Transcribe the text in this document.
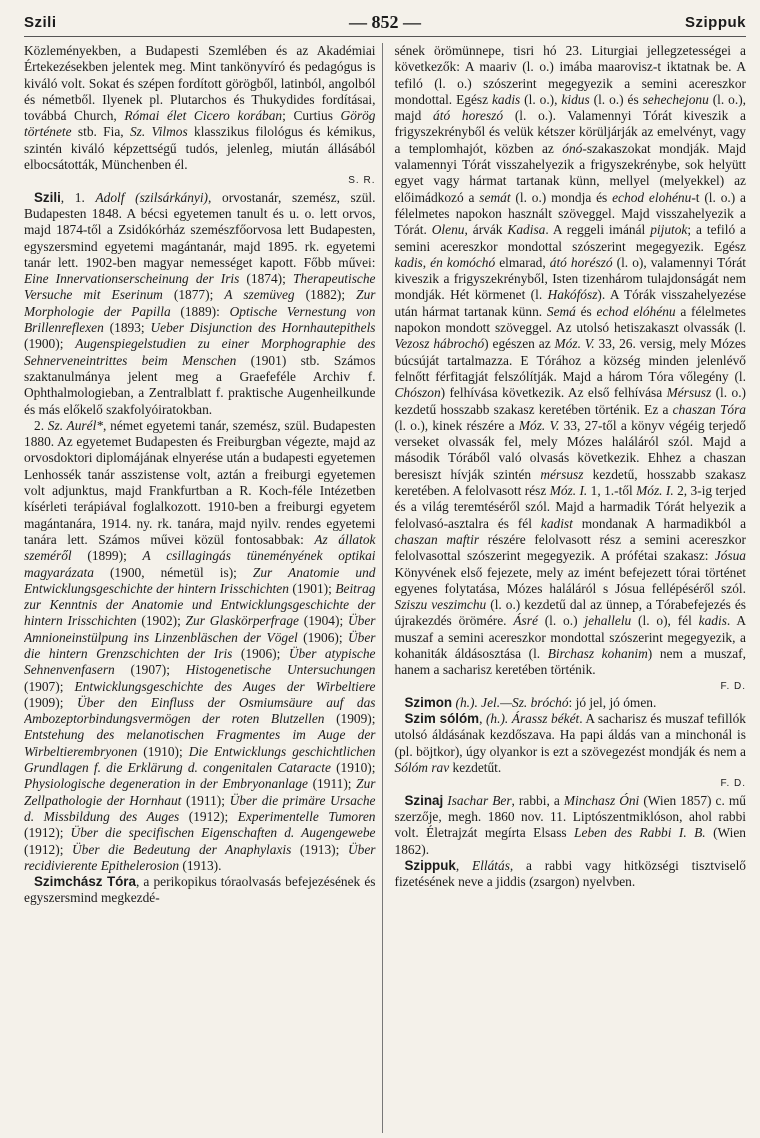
Szili	— 852 —	Szippuk

Közleményekben, a Budapesti Szemlében és az Akadémiai Értekezésekben jelentek meg. Mint tankönyvíró és pedagógus is kiváló volt. Sokat és szépen fordított görögből, latinból, angolból és németből. Ilyenek pl. Plutarchos és Thukydides fordításai, továbbá Church, Római élet Cicero korában; Curtius Görög története stb. Fia, Sz. Vilmos klasszikus filológus és kémikus, szintén kiváló képzettségű tudós, jelenleg, miután állásából elbocsátották, Münchenben él.
S. R.

Szili, 1. Adolf (szilsárkányi), orvostanár, szemész, szül. Budapesten 1848. A bécsi egyetemen tanult és u. o. lett orvos, majd 1874-től a Zsidókórház szemészfőorvosa lett Budapesten, egyszersmind egyetemi magántanár, majd 1895. rk. egyetemi tanár lett. 1902-ben magyar nemességet kapott. Főbb művei: Eine Innervationserscheinung der Iris (1874); Therapeutische Versuche mit Eserinum (1877); A szemüveg (1882); Zur Morphologie der Papilla (1889): Optische Vernestung von Brillenreflexen (1893; Ueber Disjunction des Hornhautepithels (1900); Augenspiegelstudien zu einer Morphographie des Sehnerveneintrittes beim Menschen (1901) stb. Számos szaktanulmánya jelent meg a Graefeféle Archiv f. Ophthalmologieban, a Zentralblatt f. praktische Augenheilkunde és más előkelő szakfolyóiratokban.

2. Sz. Aurél*, német egyetemi tanár, szemész, szül. Budapesten 1880. Az egyetemet Budapesten és Freiburgban végezte, majd az orvosdoktori diplomájának elnyerése után a budapesti egyetemen Lenhossék tanár asszistense volt, aztán a freiburgi egyetemen volt adjunktus, majd Frankfurtban a R. Koch-féle Intézetben kísérleti terápiával foglalkozott. 1910-ben a freiburgi egyetem magántanára, 1914. ny. rk. tanára, majd nyilv. rendes egyetemi tanára lett. Számos művei közül fontosabbak: Az állatok szeméről (1899); A csillagingás tüneményének optikai magyarázata (1900, németül is); Zur Anatomie und Entwicklungsgeschichte der hintern Irisschichten (1901); Beitrag zur Kenntnis der Anatomie und Entwicklungsgeschichte der hintern Irisschichten (1902); Zur Glaskörperfrage (1904); Über Amnioneinstülpung ins Linzenbläschen der Vögel (1906); Über die hintern Grenzschichten der Iris (1906); Über atypische Sehnenvenfasern (1907); Histogenetische Untersuchungen (1907); Entwicklungsgeschichte des Auges der Wirbeltiere (1909); Über den Einfluss der Osmiumsäure auf das Ambozeptorbindungsvermögen der roten Blutzellen (1909); Entstehung des melanotischen Fragmentes im Auge der Wirbeltierembryonen (1910); Die Entwicklungs geschichtlichen Grundlagen f. die Erklärung d. congenitalen Cataracte (1910); Physiologische degeneration in der Embryonanlage (1911); Zur Zellpathologie der Hornhaut (1911); Über die primäre Ursache d. Missbildung des Auges (1912); Experimentelle Tumoren (1912); Über die specifischen Eigenschaften d. Augengewebe (1912); Über die Bedeutung der Anaphylaxis (1913); Über recidivierente Epithelerosion (1913).

Szimchász Tóra, a perikopikus tóraolvasás befejezésének és egyszersmind megkezdé-

sének örömünnepe, tisri hó 23. Liturgiai jellegzetességei a következők: A maariv (l. o.) imába maarovisz-t iktatnak be. A tefiló (l. o.) szószerint megegyezik a semini acereszkor mondottal. Egész kadis (l. o.), kidus (l. o.) és sehechejonu (l. o.), majd átó horeszó (l. o.). Valamennyi Tórát kiveszik a frigyszekrényből és velük kétszer körüljárják az emelvényt, vagy a templomhajót, közben az ónó-szakaszokat mondják. Majd valamennyi Tórát visszahelyezik a frigyszekrénybe, sok helyütt egyet vagy hármat tartanak künn, mellyel (melyekkel) az előimádkozó a semát (l. o.) mondja és echod elohénu-t (l. o.) a félelmetes napokon használt szöveggel. Majd visszahelyezik a Tórát. Olenu, árvák Kadisa. A reggeli imánál pijutok; a tefiló a semini acereszkor mondottal szószerint megegyezik. Egész kadis, én komóchó elmarad, átó horészó (l. o), valamennyi Tórát kiveszik a frigyszekrényből, Isten tizenhárom tulajdonságát nem mondják. Hét körmenet (l. Hakófósz). A Tórák visszahelyezése után hármat tartanak künn. Semá és echod elóhénu a félelmetes napokon mondott szöveggel. Az utolsó hetiszakaszt olvassák (l. Vezosz hábrochó) egészen az Móz. V. 33, 26. versig, mely Mózes búcsúját tartalmazza. E Tórához a község minden jelenlévő felnőtt férfitagját felszólítják. Majd a három Tóra vőlegény (l. Chószon) felhívása következik. Az első felhívása Mérsusz (l. o.) kezdetű hosszabb szakasz keretében történik. Ez a chaszan Tóra (l. o.), kinek részére a Móz. V. 33, 27-től a könyv végéig terjedő verseket olvassák fel, mely Mózes haláláról szól. Majd a második Tóráből való olvasás következik. Ehhez a chaszan beresiszt hívják szintén mérsusz kezdetű, hosszabb szakasz keretében. A felolvasott rész Móz. I. 1, 1.-től Móz. I. 2, 3-ig terjed és a világ teremtéséről szól. Majd a harmadik Tórát helyezik a felolvasó-asztalra és fél kadist mondanak A harmadikból a chaszan maftir részére felolvasott rész a semini acereszkor felolvasottal szószerint megegyezik. A prófétai szakasz: Jósua Könyvének első fejezete, mely az imént befejezett tórai történet egyenes folytatása, Mózes haláláról s Jósua fellépéséről szól. Sziszu veszimchu (l. o.) kezdetű dal az ünnep, a Tórabefejezés és újrakezdés örömére. Ásré (l. o.) jehallelu (l. o), fél kadis. A muszaf a semini acereszkor mondottal szószerint megegyezik, a kohaniták áldásosztása (l. Birchasz kohanim) nem a muszaf, hanem a sacharisz keretében történik.
F. D.

Szimon (h.). Jel.—Sz. bróchó: jó jel, jó ómen.

Szim sólóm, (h.). Árassz békét. A sacharisz és muszaf tefillók utolsó áldásának kezdőszava. Ha papi áldás van a minchonál is (pl. böjtkor), úgy olyankor is ezt a szövegezést mondják és nem a Sólóm rav kezdetűt.
F. D.

Szinaj Isachar Ber, rabbi, a Minchasz Óni (Wien 1857) c. mű szerzője, megh. 1860 nov. 11. Liptószentmiklóson, ahol rabbi volt. Életrajzát megírta Elsass Leben des Rabbi I. B. (Wien 1862).

Szippuk, Ellátás, a rabbi vagy hitközségi tisztviselő fizetésének neve a jiddis (zsargon) nyelvben.
